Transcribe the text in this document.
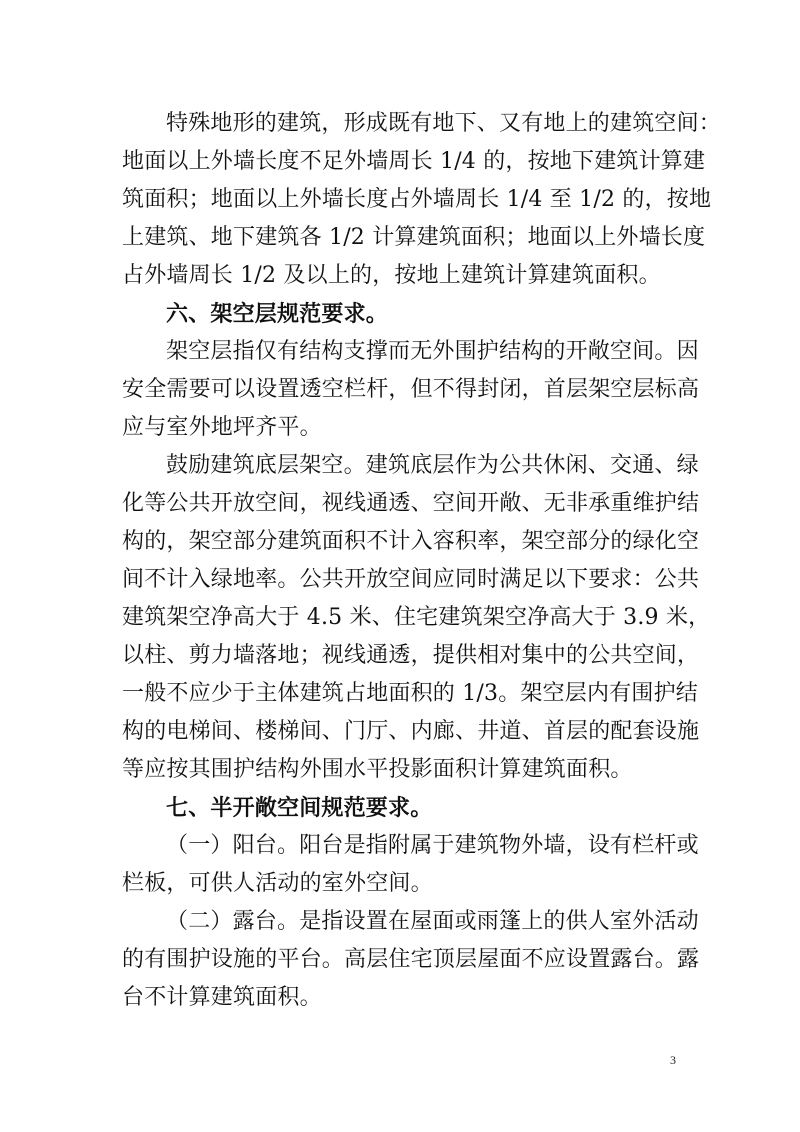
特殊地形的建筑，形成既有地下、又有地上的建筑空间：
地面以上外墙长度不足外墙周长 1/4 的，按地下建筑计算建
筑面积；地面以上外墙长度占外墙周长 1/4 至 1/2 的，按地
上建筑、地下建筑各 1/2 计算建筑面积；地面以上外墙长度
占外墙周长 1/2 及以上的，按地上建筑计算建筑面积。
六、架空层规范要求。
架空层指仅有结构支撑而无外围护结构的开敞空间。因
安全需要可以设置透空栏杆，但不得封闭，首层架空层标高
应与室外地坪齐平。
鼓励建筑底层架空。建筑底层作为公共休闲、交通、绿
化等公共开放空间，视线通透、空间开敞、无非承重维护结
构的，架空部分建筑面积不计入容积率，架空部分的绿化空
间不计入绿地率。公共开放空间应同时满足以下要求：公共
建筑架空净高大于 4.5 米、住宅建筑架空净高大于 3.9 米，
以柱、剪力墙落地；视线通透，提供相对集中的公共空间，
一般不应少于主体建筑占地面积的 1/3。架空层内有围护结
构的电梯间、楼梯间、门厅、内廊、井道、首层的配套设施
等应按其围护结构外围水平投影面积计算建筑面积。
七、半开敞空间规范要求。
（一）阳台。阳台是指附属于建筑物外墙，设有栏杆或
栏板，可供人活动的室外空间。
（二）露台。是指设置在屋面或雨篷上的供人室外活动
的有围护设施的平台。高层住宅顶层屋面不应设置露台。露
台不计算建筑面积。
3
